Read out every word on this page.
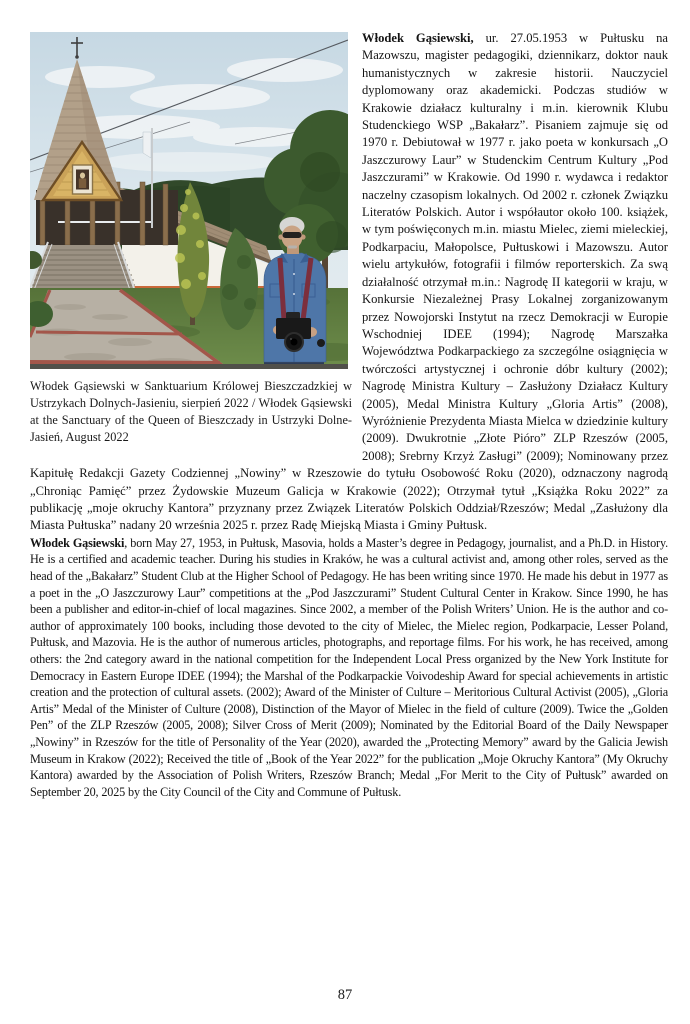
Włodek Gąsiewski w Sanktuarium Królowej Bieszczadzkiej w Ustrzykach Dolnych-Jasieniu, sierpień 2022 / Włodek Gąsiewski at the Sanctuary of the Queen of Bieszczady in Ustrzyki Dolne-Jasień, August 2022

Włodek Gąsiewski, ur. 27.05.1953 w Pułtusku na Mazowszu, magister pedagogiki, dziennikarz, doktor nauk humanistycznych w zakresie historii. Nauczyciel dyplomowany oraz akademicki. Podczas studiów w Krakowie działacz kulturalny i m.in. kierownik Klubu Studenckiego WSP „Bakałarz”. Pisaniem zajmuje się od 1970 r. Debiutował w 1977 r. jako poeta w konkursach „O Jaszczurowy Laur” w Studenckim Centrum Kultury „Pod Jaszczurami” w Krakowie. Od 1990 r. wydawca i redaktor naczelny czasopism lokalnych. Od 2002 r. członek Związku Literatów Polskich. Autor i współautor około 100. książek, w tym poświęconych m.in. miastu Mielec, ziemi mieleckiej, Podkarpaciu, Małopolsce, Pułtuskowi i Mazowszu. Autor wielu artykułów, fotografii i filmów reporterskich. Za swą działalność otrzymał m.in.: Nagrodę II kategorii w kraju, w Konkursie Niezależnej Prasy Lokalnej zorganizowanym przez Nowojorski Instytut na rzecz Demokracji w Europie Wschodniej IDEE (1994); Nagrodę Marszałka Województwa Podkarpackiego za szczególne osiągnięcia w twórczości artystycznej i ochronie dóbr kultury (2002); Nagrodę Ministra Kultury – Zasłużony Działacz Kultury (2005), Medal Ministra Kultury „Gloria Artis” (2008), Wyróżnienie Prezydenta Miasta Mielca w dziedzinie kultury (2009). Dwukrotnie „Złote Pióro” ZLP Rzeszów (2005, 2008); Srebrny Krzyż Zasługi” (2009); Nominowany przez Kapitułę Redakcji Gazety Codziennej „Nowiny” w Rzeszowie do tytułu Osobowość Roku (2020), odznaczony nagrodą „Chroniąc Pamięć” przez Żydowskie Muzeum Galicja w Krakowie (2022); Otrzymał tytuł „Książka Roku 2022” za publikację „moje okruchy Kantora” przyznany przez Związek Literatów Polskich Oddział/Rzeszów; Medal „Zasłużony dla Miasta Pułtuska” nadany 20 września 2025 r. przez Radę Miejską Miasta i Gminy Pułtusk.

Włodek Gąsiewski, born May 27, 1953, in Pułtusk, Masovia, holds a Master’s degree in Pedagogy, journalist, and a Ph.D. in History. He is a certified and academic teacher. During his studies in Kraków, he was a cultural activist and, among other roles, served as the head of the „Bakałarz” Student Club at the Higher School of Pedagogy. He has been writing since 1970. He made his debut in 1977 as a poet in the „O Jaszczurowy Laur” competitions at the „Pod Jaszczurami” Student Cultural Center in Krakow. Since 1990, he has been a publisher and editor-in-chief of local magazines. Since 2002, a member of the Polish Writers’ Union. He is the author and co-author of approximately 100 books, including those devoted to the city of Mielec, the Mielec region, Podkarpacie, Lesser Poland, Pułtusk, and Mazovia. He is the author of numerous articles, photographs, and reportage films. For his work, he has received, among others: the 2nd category award in the national competition for the Independent Local Press organized by the New York Institute for Democracy in Eastern Europe IDEE (1994); the Marshal of the Podkarpackie Voivodeship Award for special achievements in artistic creation and the protection of cultural assets. (2002); Award of the Minister of Culture – Meritorious Cultural Activist (2005), „Gloria Artis” Medal of the Minister of Culture (2008), Distinction of the Mayor of Mielec in the field of culture (2009). Twice the „Golden Pen” of the ZLP Rzeszów (2005, 2008); Silver Cross of Merit (2009); Nominated by the Editorial Board of the Daily Newspaper „Nowiny” in Rzeszów for the title of Personality of the Year (2020), awarded the „Protecting Memory” award by the Galicia Jewish Museum in Krakow (2022); Received the title of „Book of the Year 2022” for the publication „Moje Okruchy Kantora” (My Okruchy Kantora) awarded by the Association of Polish Writers, Rzeszów Branch; Medal „For Merit to the City of Pułtusk” awarded on September 20, 2025 by the City Council of the City and Commune of Pułtusk.

87
